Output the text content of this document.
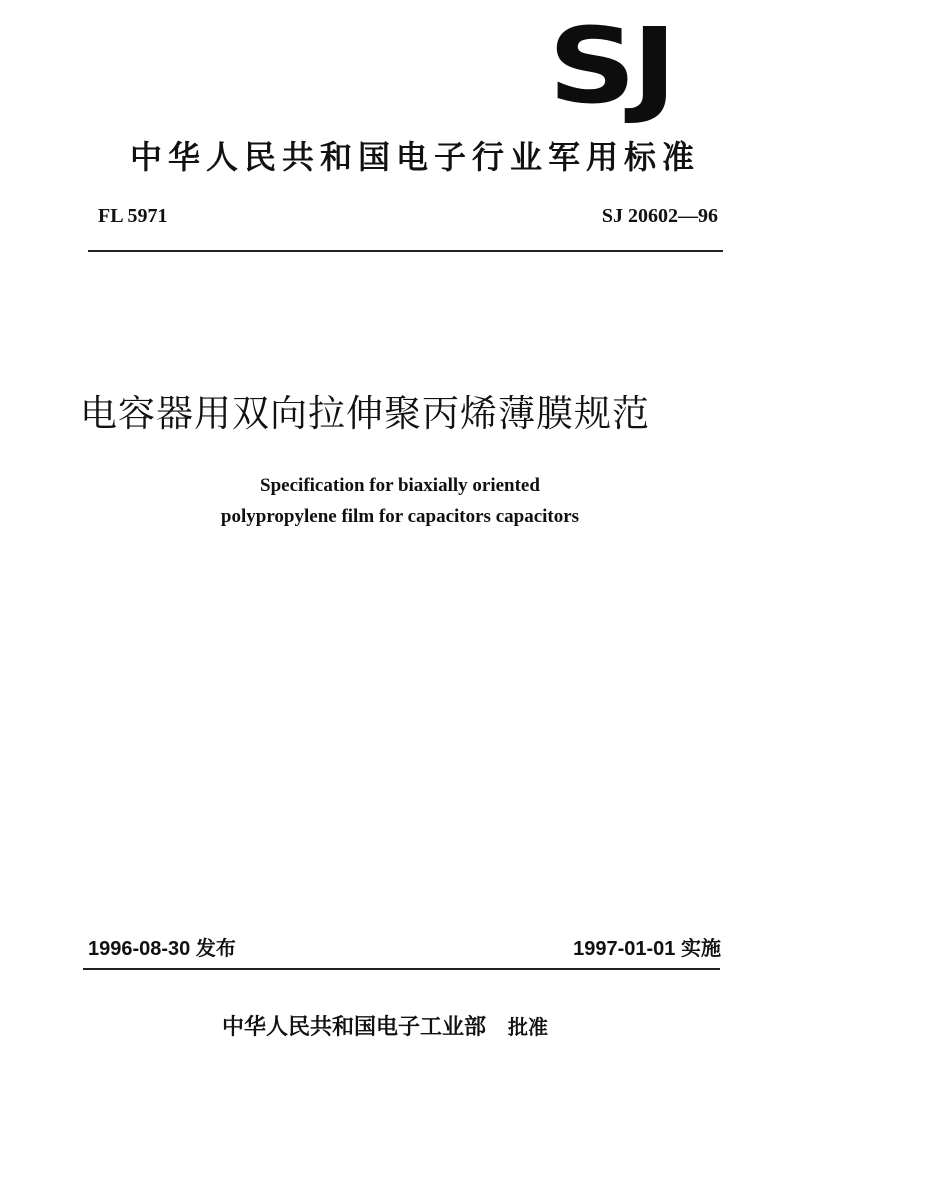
SJ
中华人民共和国电子行业军用标准
FL 5971	SJ 20602—96
电容器用双向拉伸聚丙烯薄膜规范
Specification for biaxially oriented
polypropylene film for capacitors capacitors
1996-08-30 发布	1997-01-01 实施
中华人民共和国电子工业部 批准
